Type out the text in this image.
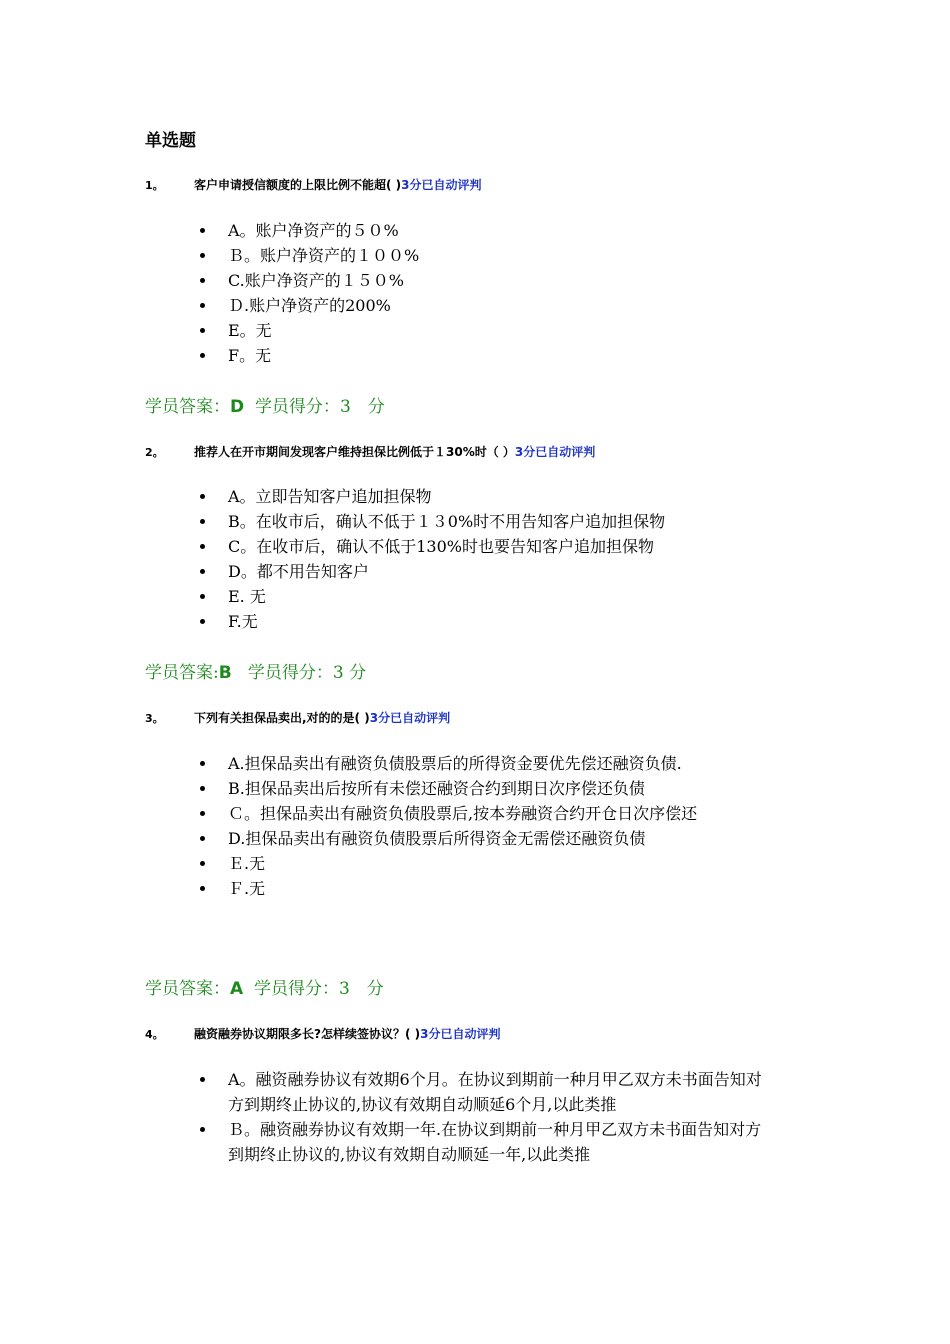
单选题
1。	客户申请授信额度的上限比例不能超( )3分已自动评判
A。账户净资产的５０%
Ｂ。账户净资产的１００%
C.账户净资产的１５０%
Ｄ.账户净资产的200%
E。无
F。无
学员答案：D 学员得分：3　分
2。	推荐人在开市期间发现客户维持担保比例低于１30%时（ ）3分已自动评判
A。立即告知客户追加担保物
B。在收市后，确认不低于１３0%时不用告知客户追加担保物
C。在收市后，确认不低于130%时也要告知客户追加担保物
D。都不用告知客户
E. 无
F.无
学员答案:B 学员得分：3 分
3。	下列有关担保品卖出,对的的是( )3分已自动评判
A.担保品卖出有融资负债股票后的所得资金要优先偿还融资负债.
B.担保品卖出后按所有未偿还融资合约到期日次序偿还负债
Ｃ。担保品卖出有融资负债股票后,按本券融资合约开仓日次序偿还
D.担保品卖出有融资负债股票后所得资金无需偿还融资负债
Ｅ.无
Ｆ.无
学员答案：A 学员得分：3　分
4。	融资融券协议期限多长?怎样续签协议？( )3分已自动评判
A。融资融券协议有效期6个月。在协议到期前一种月甲乙双方未书面告知对方到期终止协议的,协议有效期自动顺延6个月,以此类推
Ｂ。融资融券协议有效期一年.在协议到期前一种月甲乙双方未书面告知对方到期终止协议的,协议有效期自动顺延一年,以此类推
